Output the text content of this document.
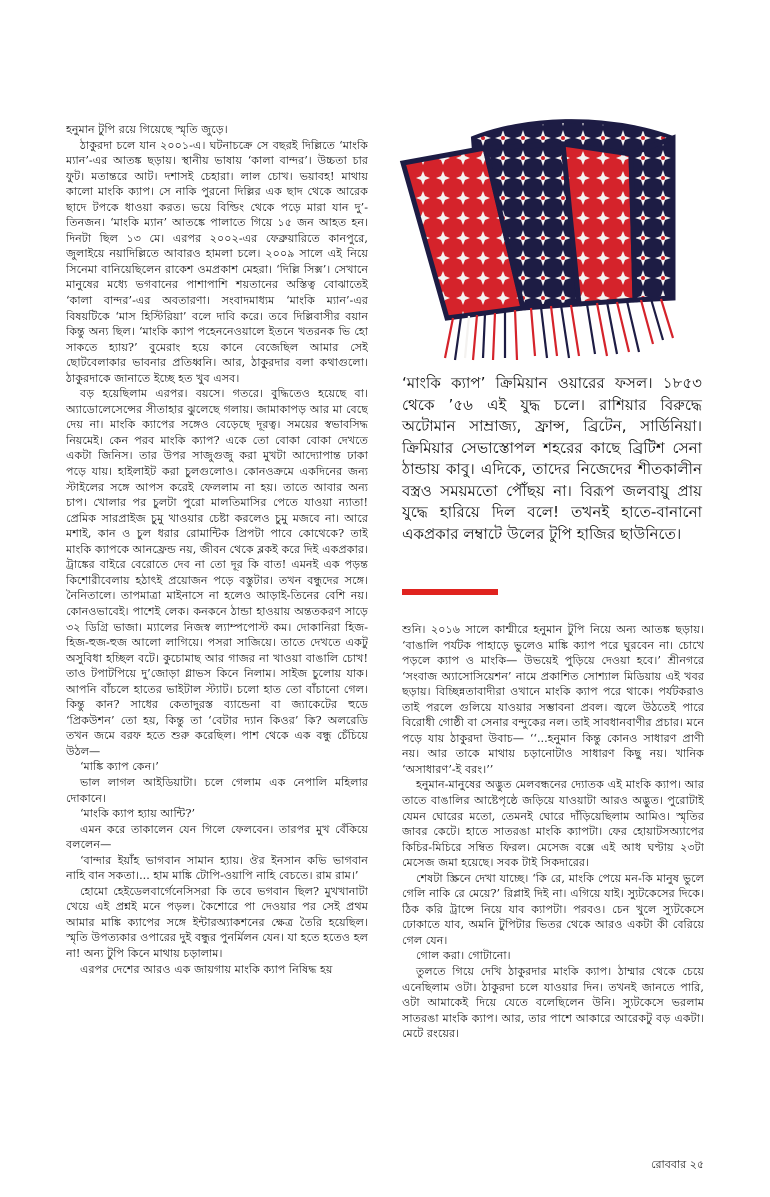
হনুমান টুপি রয়ে গিয়েছে স্মৃতি জুড়ে।

ঠাকুরদা চলে যান ২০০১-এ। ঘটনাচক্রে সে বছরই দিল্লিতে ‘মাংকি ম্যান’-এর আতঙ্ক ছড়ায়। স্থানীয় ভাষায় ‘কালা বান্দর’। উচ্চতা চার ফুট। মতান্তরে আট। দশাসই চেহারা। লাল চোখ। ভয়াবহ! মাথায় কালো মাংকি ক্যাপ। সে নাকি পুরনো দিল্লির এক ছাদ থেকে আরেক ছাদে টপকে ধাওয়া করত। ভয়ে বিল্ডিং থেকে পড়ে মারা যান দু’-তিনজন। ‘মাংকি ম্যান’ আতঙ্কে পালাতে গিয়ে ১৫ জন আহত হন। দিনটা ছিল ১৩ মে। এরপর ২০০২-এর ফেব্রুয়ারিতে কানপুরে, জুলাইয়ে নয়াদিল্লিতে আবারও হামলা চলে। ২০০৯ সালে এই নিয়ে সিনেমা বানিয়েছিলেন রাকেশ ওমপ্রকাশ মেহরা। ‘দিল্লি সিক্স’। সেখানে মানুষের মধ্যে ভগবানের পাশাপাশি শয়তানের অস্তিত্ব বোঝাতেই ‘কালা বান্দর’-এর অবতারণা। সংবাদমাধ্যম ‘মাংকি ম্যান’-এর বিষয়টিকে ‘মাস হিস্টিরিয়া’ বলে দাবি করে। তবে দিল্লিবাসীর বয়ান কিন্তু অন্য ছিল। ‘মাংকি ক্যাপ পহেননেওয়ালে ইতনে খতরনক ভি হো সাকতে হ্যায়?’ বুমেরাং হয়ে কানে বেজেছিল আমার সেই ছোটবেলাকার ভাবনার প্রতিধ্বনি। আর, ঠাকুরদার বলা কথাগুলো। ঠাকুরদাকে জানাতে ইচ্ছে হত খুব এসব।

বড় হয়েছিলাম এরপর। বয়সে। গতরে। বুদ্ধিতেও হয়েছে বা। অ্যাডোলেসেন্সের সীতাহার ঝুলেছে গলায়। জামাকাপড় আর মা বেছে দেয় না। মাংকি ক্যাপের সঙ্গেও বেড়েছে দূরত্ব। সময়ের স্বভাবসিদ্ধ নিয়মেই। কেন পরব মাংকি ক্যাপ? একে তো বোকা বোকা দেখতে একটা জিনিস। তার উপর সাজুগুজু করা মুখটা আদ্যোপান্ত ঢাকা পড়ে যায়। হাইলাইট করা চুলগুলোও। কোনওক্রমে একদিনের জন্য স্টাইলের সঙ্গে আপস করেই ফেললাম না হয়। তাতে আবার অন্য চাপ। খোলার পর চুলটা পুরো মালতিমাসির পেতে যাওয়া ন্যাতা! প্রেমিক সারপ্রাইজ চুমু খাওয়ার চেষ্টা করলেও চুমু মজবে না। আরে মশাই, কান ও চুল ধরার রোমান্টিক প্রিপটা পাবে কোথেকে? তাই মাংকি ক্যাপকে আনফ্রেন্ড নয়, জীবন থেকে ব্লকই করে দিই একপ্রকার। ট্রাঙ্কের বাইরে বেরোতে দেব না তো দূর কি বাত! এমনই এক পড়ন্ত কিশোরীবেলায় হঠাৎই প্রয়োজন পড়ে বস্তুটার। তখন বন্ধুদের সঙ্গে। নৈনিতালে। তাপমাত্রা মাইনাসে না হলেও আড়াই-তিনের বেশি নয়। কোনওভাবেই। পাশেই লেক। কনকনে ঠান্ডা হাওয়ায় অন্ততকরণ সাড়ে ৩২ ডিগ্রি ভাজা। ম্যালের নিজস্ব ল্যাম্পপোস্ট কম। দোকানিরা হিজ-হিজ-হুজ-হুজ আলো লাগিয়ে। পসরা সাজিয়ে। তাতে দেখতে একটু অসুবিধা হচ্ছিল বটে। কুচোমাছ আর গাজর না খাওয়া বাঙালি চোখ! তাও টপাটপিয়ে দু’জোড়া গ্লাভস কিনে নিলাম। সাইজ চুলোয় যাক। আপনি বাঁচলে হাতের ভাইটাল স্ট্যাট। চলো হাত তো বাঁচানো গেল। কিন্তু কান? সাধের কেতাদুরস্ত ব্যান্ডেনা বা জ্যাকেটের হুডে ‘প্রিকউশন’ তো হয়, কিন্তু তা ‘বেটার দ্যান কিওর’ কি? অলরেডি তখন জমে বরফ হতে শুরু করেছিল। পাশ থেকে এক বন্ধু চেঁচিয়ে উঠল—

‘মাঙ্কি ক্যাপ কেন।’

ভাল লাগল আইডিয়াটা। চলে গেলাম এক নেপালি মহিলার দোকানে।

‘মাংকি ক্যাপ হ্যায় আন্টি?’

এমন করে তাকালেন যেন গিলে ফেলবেন। তারপর মুখ বেঁকিয়ে বললেন—

‘বান্দার ইয়াঁহ ভাগবান সামান হ্যায়। ঔর ইনসান কভি ভাগবান নাহি বান সকতা।... হাম মাঙ্কি টোপি-ওয়াপি নাহি বেচতে। রাম রাম।’

হোমো হেইডেলবার্গেনেসিসরা কি তবে ভগবান ছিল? মুখখানাটা খেয়ে এই প্রশ্নই মনে পড়ল। কৈশোরে পা দেওয়ার পর সেই প্রথম আমার মাঙ্কি ক্যাপের সঙ্গে ইন্টারঅ্যাকশনের ক্ষেত্র তৈরি হয়েছিল। স্মৃতি উপত্যকার ওপারের দুই বন্ধুর পুনর্মিলন যেন। যা হতে হতেও হল না! অন্য টুপি কিনে মাথায় চড়ালাম।

এরপর দেশের আরও এক জায়গায় মাংকি ক্যাপ নিষিদ্ধ হয়

‘মাংকি ক্যাপ’ ক্রিমিয়ান ওয়ারের ফসল। ১৮৫৩ থেকে ’৫৬ এই যুদ্ধ চলে। রাশিয়ার বিরুদ্ধে অটোমান সাম্রাজ্য, ফ্রান্স, ব্রিটেন, সার্ডিনিয়া। ক্রিমিয়ার সেভাস্তোপল শহরের কাছে ব্রিটিশ সেনা ঠান্ডায় কাবু। এদিকে, তাদের নিজেদের শীতকালীন বস্ত্রও সময়মতো পৌঁছয় না। বিরূপ জলবায়ু প্রায় যুদ্ধে হারিয়ে দিল বলে! তখনই হাতে-বানানো একপ্রকার লম্বাটে উলের টুপি হাজির ছাউনিতে।

শুনি। ২০১৬ সালে কাশ্মীরে হনুমান টুপি নিয়ে অন্য আতঙ্ক ছড়ায়। ‘বাঙালি পর্যটক পাহাড়ে ভুলেও মাঙ্কি ক্যাপ পরে ঘুরবেন না। চোখে পড়লে ক্যাপ ও মাংকি— উভয়েই পুড়িয়ে দেওয়া হবে।’ শ্রীনগরে ‘সংবাজ অ্যাসোসিয়েশন’ নামে প্রকাশিত সোশ্যাল মিডিয়ায় এই খবর ছড়ায়। বিচ্ছিন্নতাবাদীরা ওখানে মাংকি ক্যাপ পরে থাকে। পর্যটকরাও তাই পরলে গুলিয়ে যাওয়ার সম্ভাবনা প্রবল। জ্বলে উঠতেই পারে বিরোধী গোষ্ঠী বা সেনার বন্দুকের নল। তাই সাবধানবাণীর প্রচার। মনে পড়ে যায় ঠাকুরদা উবাচ— ‘‘...হনুমান কিন্তু কোনও সাধারণ প্রাণী নয়। আর তাকে মাথায় চড়ানোটাও সাধারণ কিছু নয়। খানিক ‘অসাধারণ’-ই বরং।’’

হনুমান-মানুষের অদ্ভুত মেলবন্ধনের দ্যোতক এই মাংকি ক্যাপ। আর তাতে বাঙালির আষ্টেপৃষ্ঠে জড়িয়ে যাওয়াটা আরও অদ্ভুত। পুরোটাই যেমন ঘোরের মতো, তেমনই ঘোরে দাঁড়িয়েছিলাম আমিও। স্মৃতির জাবর কেটে। হাতে সাতরঙা মাংকি ক্যাপটা। ফের হোয়াটসঅ্যাপের কিচির-মিচিরে সম্বিত ফিরল। মেসেজ বক্সে এই আধ ঘণ্টায় ২৩টা মেসেজ জমা হয়েছে। সবক টাই সিকদারের।

শেষটা স্ক্রিনে দেখা যাচ্ছে। ‘কি রে, মাংকি পেয়ে মন-কি মানুষ ভুলে গেলি নাকি রে মেয়ে?’ রিপ্লাই দিই না। এগিয়ে যাই। স্যুটকেসের দিকে। ঠিক করি ট্রান্সে নিয়ে যাব ক্যাপটা। পরবও। চেন খুলে স্যুটকেসে ঢোকাতে যাব, অমনি টুপিটার ভিতর থেকে আরও একটা কী বেরিয়ে গেল যেন।

গোল করা। গোটানো।

তুলতে গিয়ে দেখি ঠাকুরদার মাংকি ক্যাপ। ঠাম্মার থেকে চেয়ে এনেছিলাম ওটা। ঠাকুরদা চলে যাওয়ার দিন। তখনই জানতে পারি, ওটা আমাকেই দিয়ে যেতে বলেছিলেন উনি। স্যুটকেসে ভরলাম সাতরঙা মাংকি ক্যাপ। আর, তার পাশে আকারে আরেকটু বড় একটা। মেটে রংয়ের।

রোববার ২৫
